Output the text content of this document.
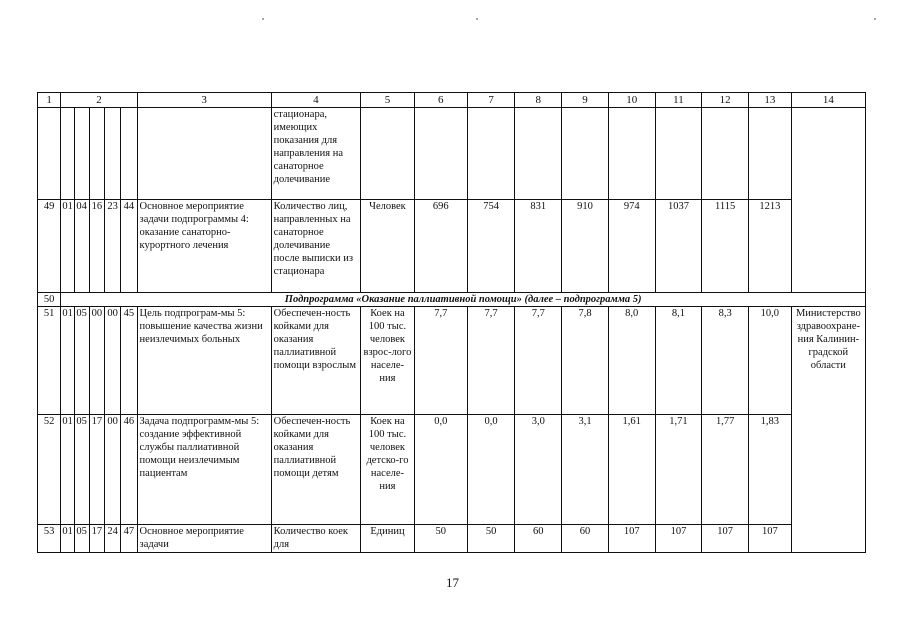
1	2					3	4	5	6	7	8	9	10	11	12	13	14
							стационара, имеющих показания для направления на санаторное долечивание										
49	01	04	16	23	44	Основное мероприятие задачи подпрограммы 4: оказание санаторно-курортного лечения	Количество лиц, направленных на санаторное долечивание после выписки из стационара	Человек	696	754	831	910	974	1037	1115	1213	
50	Подпрограмма «Оказание паллиативной помощи» (далее – подпрограмма 5)																
51	01	05	00	00	45	Цель подпрограм-мы 5: повышение качества жизни неизлечимых больных	Обеспечен-ность койками для оказания паллиативной помощи взрослым	Коек на 100 тыс. человек взрос-лого населе-ния	7,7	7,7	7,7	7,8	8,0	8,1	8,3	10,0	Министерство здравоохране-ния Калинин-градской области
52	01	05	17	00	46	Задача подпрограмм-мы 5: создание эффективной службы паллиативной помощи неизлечимым пациентам	Обеспечен-ность койками для оказания паллиативной помощи детям	Коек на 100 тыс. человек детско-го населе-ния	0,0	0,0	3,0	3,1	1,61	1,71	1,77	1,83	
53	01	05	17	24	47	Основное мероприятие задачи	Количество коек для	Единиц	50	50	60	60	107	107	107	107	
17
